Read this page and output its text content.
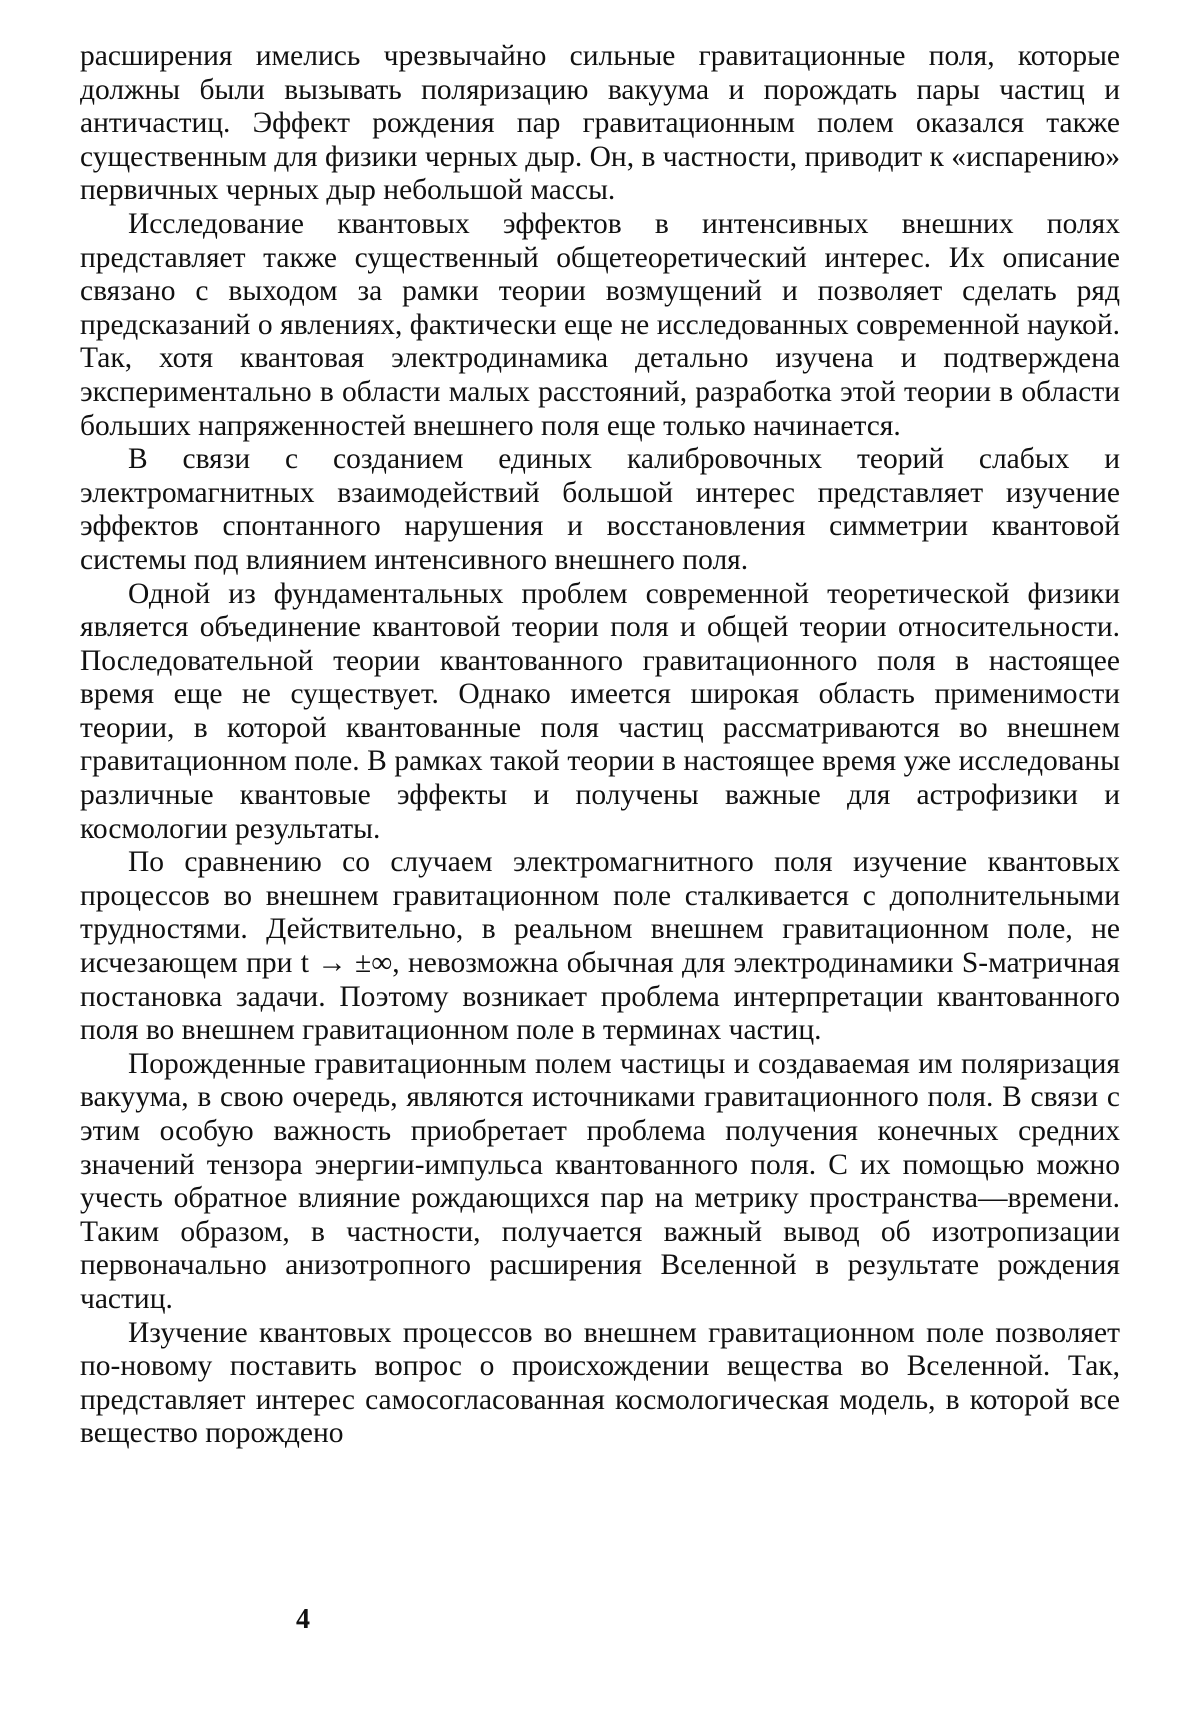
расширения имелись чрезвычайно сильные гравитационные поля, которые должны были вызывать поляризацию вакуума и порождать пары частиц и античастиц. Эффект рождения пар гравитационным полем оказался также существенным для физики черных дыр. Он, в частности, приводит к «испарению» первичных черных дыр небольшой массы.

Исследование квантовых эффектов в интенсивных внешних полях представляет также существенный общетеоретический интерес. Их описание связано с выходом за рамки теории возмущений и позволяет сделать ряд предсказаний о явлениях, фактически еще не исследованных современной наукой. Так, хотя квантовая электродинамика детально изучена и подтверждена экспериментально в области малых расстояний, разработка этой теории в области больших напряженностей внешнего поля еще только начинается.

В связи с созданием единых калибровочных теорий слабых и электромагнитных взаимодействий большой интерес представляет изучение эффектов спонтанного нарушения и восстановления симметрии квантовой системы под влиянием интенсивного внешнего поля.

Одной из фундаментальных проблем современной теоретической физики является объединение квантовой теории поля и общей теории относительности. Последовательной теории квантованного гравитационного поля в настоящее время еще не существует. Однако имеется широкая область применимости теории, в которой квантованные поля частиц рассматриваются во внешнем гравитационном поле. В рамках такой теории в настоящее время уже исследованы различные квантовые эффекты и получены важные для астрофизики и космологии результаты.

По сравнению со случаем электромагнитного поля изучение квантовых процессов во внешнем гравитационном поле сталкивается с дополнительными трудностями. Действительно, в реальном внешнем гравитационном поле, не исчезающем при t → ±∞, невозможна обычная для электродинамики S-матричная постановка задачи. Поэтому возникает проблема интерпретации квантованного поля во внешнем гравитационном поле в терминах частиц.

Порожденные гравитационным полем частицы и создаваемая им поляризация вакуума, в свою очередь, являются источниками гравитационного поля. В связи с этим особую важность приобретает проблема получения конечных средних значений тензора энергии-импульса квантованного поля. С их помощью можно учесть обратное влияние рождающихся пар на метрику пространства—времени. Таким образом, в частности, получается важный вывод об изотропизации первоначально анизотропного расширения Вселенной в результате рождения частиц.

Изучение квантовых процессов во внешнем гравитационном поле позволяет по-новому поставить вопрос о происхождении вещества во Вселенной. Так, представляет интерес самосогласованная космологическая модель, в которой все вещество порождено

4
